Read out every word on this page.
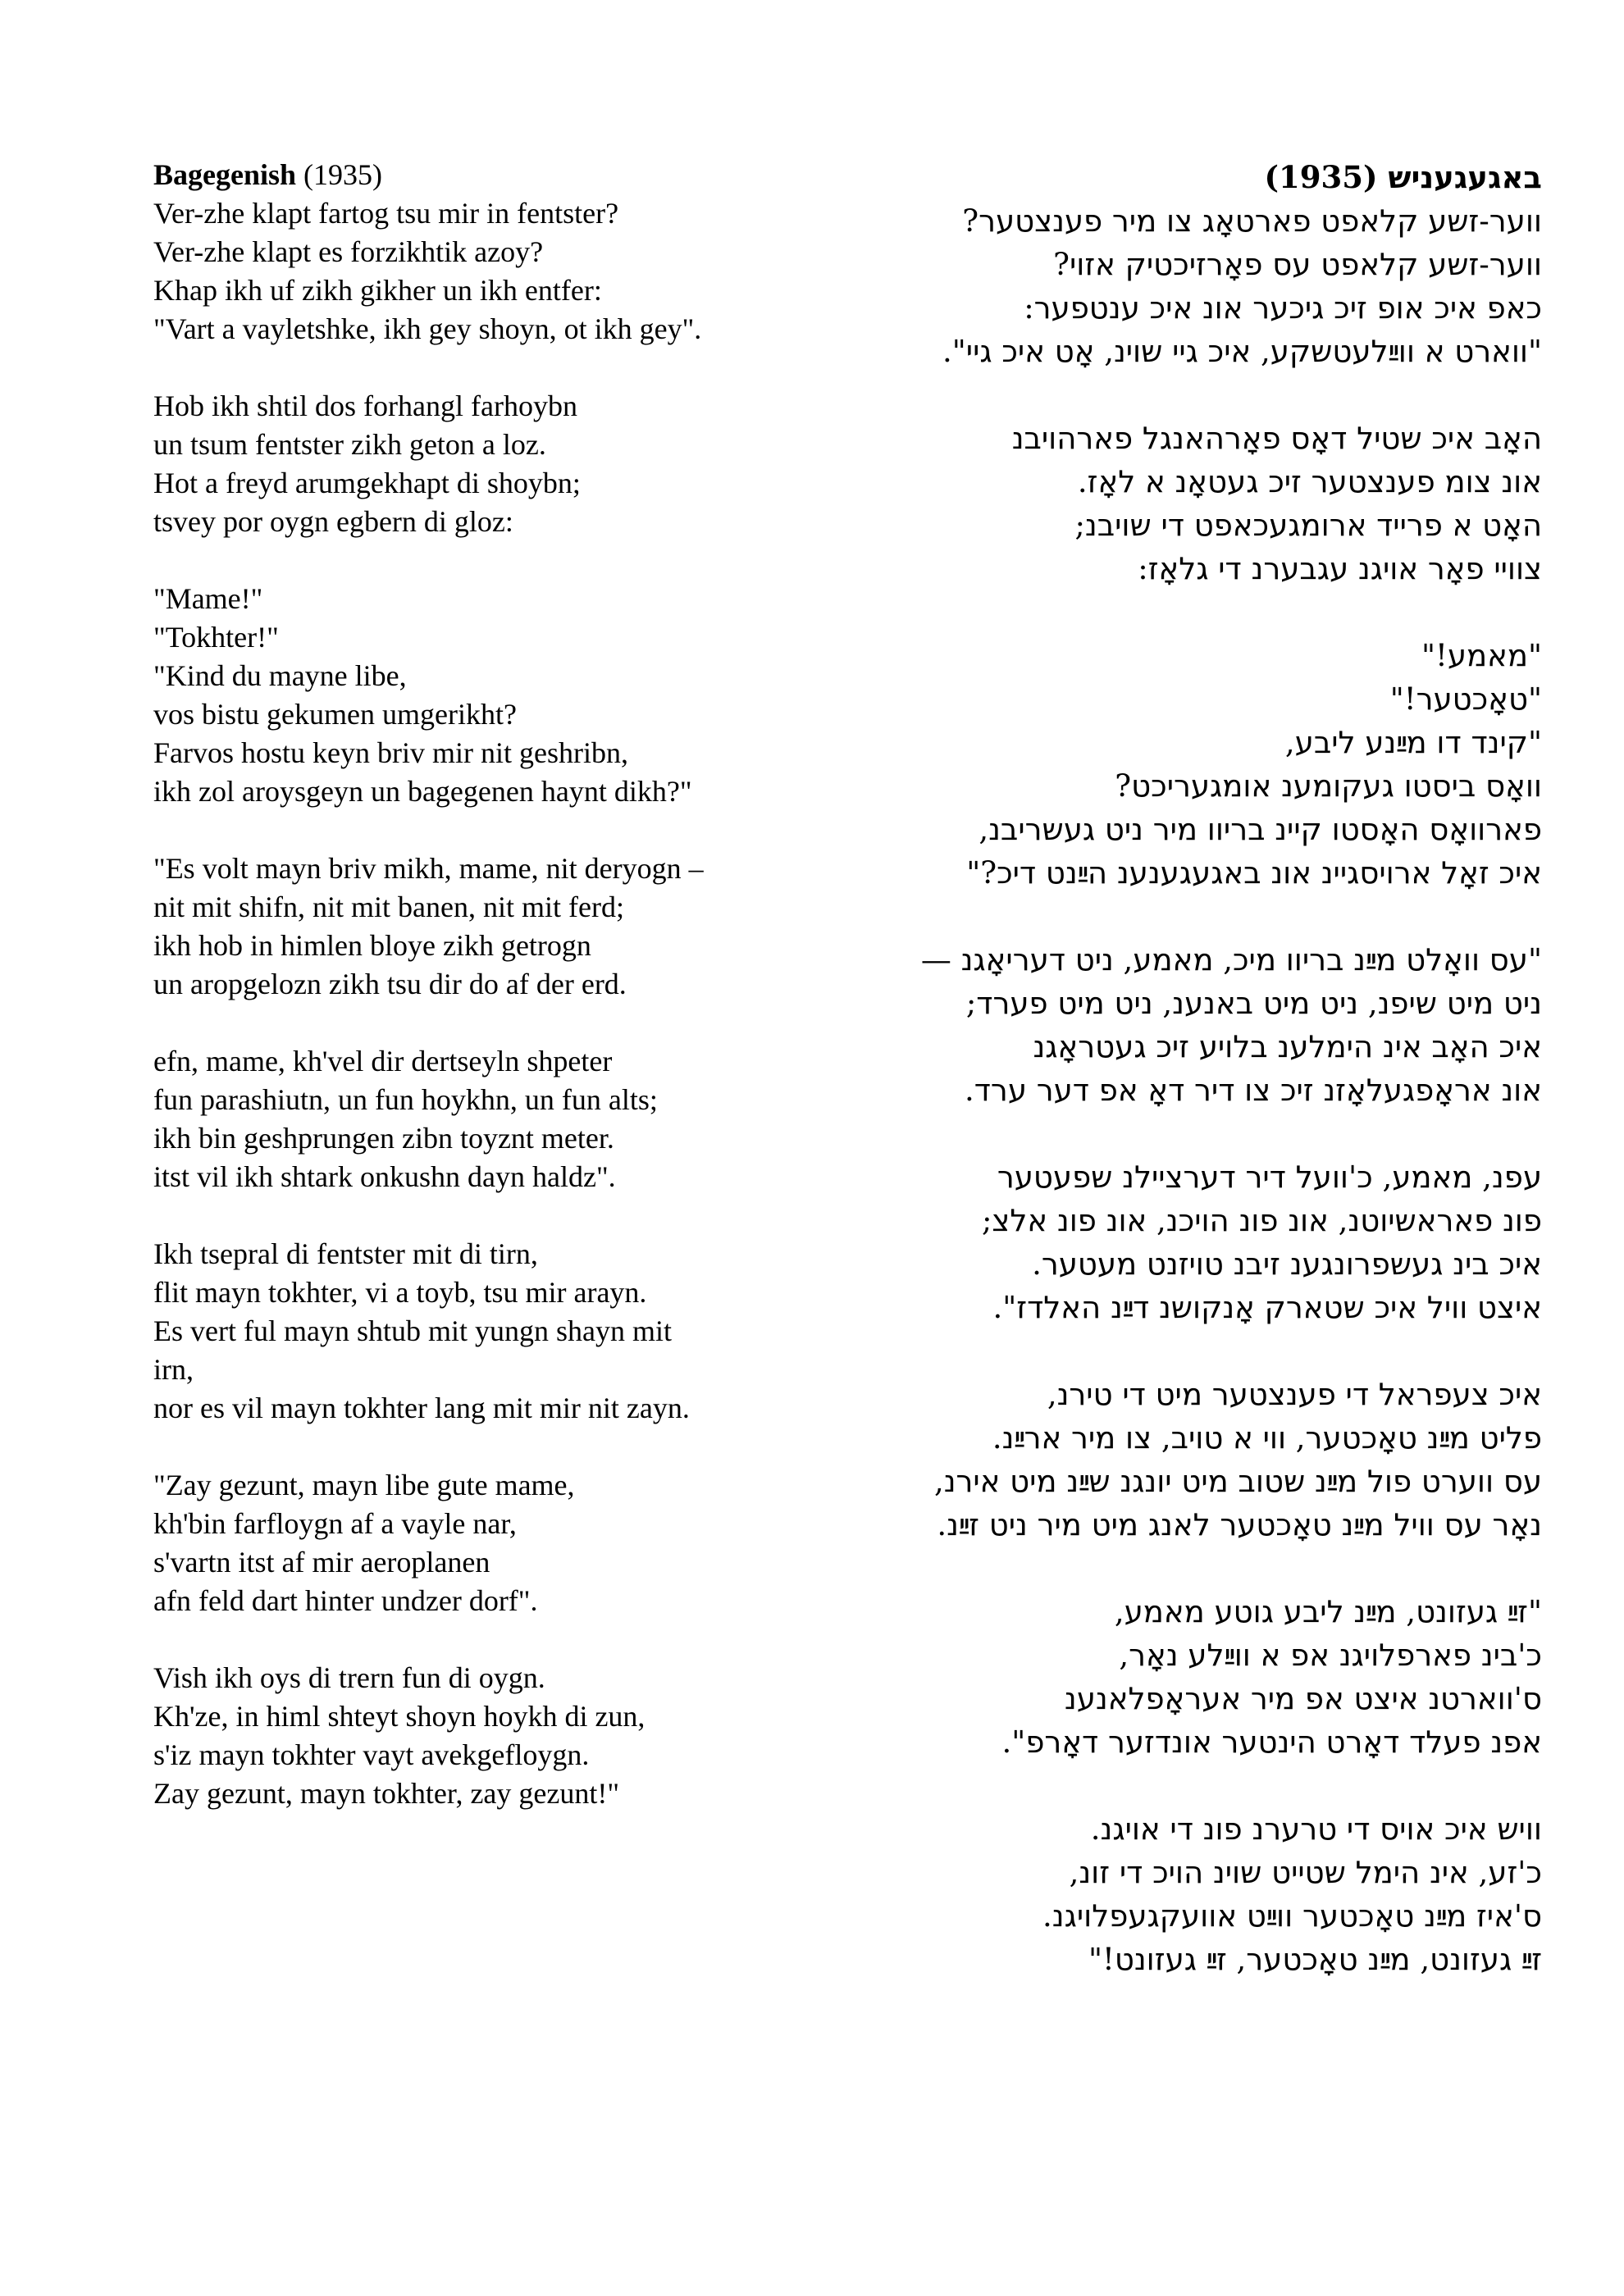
Bagegenish (1935)
Ver-zhe klapt fartog tsu mir in fentster?
Ver-zhe klapt es forzikhtik azoy?
Khap ikh uf zikh gikher un ikh entfer:
"Vart a vayletshke, ikh gey shoyn, ot ikh gey".
Hob ikh shtil dos forhangl farhoybn
un tsum fentster zikh geton a loz.
Hot a freyd arumgekhapt di shoybn;
tsvey por oygn egbern di gloz:
"Mame!"
"Tokhter!"
"Kind du mayne libe,
vos bistu gekumen umgerikht?
Farvos hostu keyn briv mir nit geshribn,
ikh zol aroysgeyn un bagegenen haynt dikh?"
"Es volt mayn briv mikh, mame, nit deryogn –
nit mit shifn, nit mit banen, nit mit ferd;
ikh hob in himlen bloye zikh getrogn
un aropgelozn zikh tsu dir do af der erd.
efn, mame, kh'vel dir dertseyln shpeter
fun parashiutn, un fun hoykhn, un fun alts;
ikh bin geshprungen zibn toyznt meter.
itst vil ikh shtark onkushn dayn haldz".
Ikh tsepral di fentster mit di tirn,
flit mayn tokhter, vi a toyb, tsu mir arayn.
Es vert ful mayn shtub mit yungn shayn mit
irn,
nor es vil mayn tokhter lang mit mir nit zayn.
"Zay gezunt, mayn libe gute mame,
kh'bin farfloygn af a vayle nar,
s'vartn itst af mir aeroplanen
afn feld dart hinter undzer dorf".
Vish ikh oys di trern fun di oygn.
Kh'ze, in himl shteyt shoyn hoykh di zun,
s'iz mayn tokhter vayt avekgefloygn.
Zay gezunt, mayn tokhter, zay gezunt!"
באגעגעניש (1935)
ווער-זשע קלאפט פארטאָג צו מיר פענצטער?
ווער-זשע קלאפט עס פאָרזיכטיק אזוי?
כאפ איכ אופ זיכ גיכער אונ איכ ענטפער:
"ווארט א ווײַלעטשקע, איכ גיי שוינ, אָט איכ גיי".
האָב איכ שטיל דאָס פאָרהאנגל פארהויבנ
אונ צומ פענצטער זיכ געטאָנ א לאָז.
האָט א פרייד ארומגעכאפט די שויבנ;
צוויי פאָר אויגנ עגבערנ די גלאָז:
"מאמע!"
"טאָכטער!"
"קינד דו מײַנע ליבע,
וואָס ביסטו געקומענ אומגעריכט?
פארוואָס האָסטו קיינ בריוו מיר ניט געשריבנ,
איכ זאָל ארויסגיינ אונ באגעגענענ הײַנט דיכ?"
"עס וואָלט מײַנ בריוו מיכ, מאמע, ניט דעריאָגנ —
ניט מיט שיפנ, ניט מיט באנענ, ניט מיט פערד;
איכ האָב אינ הימלענ בלויע זיכ געטראָגנ
אונ אראָפגעלאָזנ זיכ צו דיר דאָ אפ דער ערד.
עפנ, מאמע, כ'וועל דיר דערציילנ שפעטער
פונ פאראשיוטנ, אונ פונ הויכנ, אונ פונ אלצ;
איכ בינ געשפרונגענ זיבנ טויזנט מעטער.
איצט וויל איכ שטארק אָנקושנ דײַנ האלדז".
איכ צעפראל די פענצטער מיט די טירנ,
פליט מײַנ טאָכטער, ווי א טויב, צו מיר ארײַנ.
עס ווערט פול מײַנ שטוב מיט יונגנ שײַנ מיט אירנ,
נאָר עס וויל מײַנ טאָכטער לאנג מיט מיר ניט זײַנ.
"זײַ געזונט, מײַנ ליבע גוטע מאמע,
כ'בינ פארפלויגנ אפ א ווײַלע נאָר,
ס'ווארטנ איצט אפ מיר אעראָפלאנענ
אפנ פעלד דאָרט הינטער אונדזער דאָרפ".
וויש איכ אויס די טרערנ פונ די אויגנ.
כ'זע, אינ הימל שטייט שוינ הויכ די זונ,
ס'איז מײַנ טאָכטער ווײַט אוועקגעפלויגנ.
זײַ געזונט, מײַנ טאָכטער, זײַ געזונט!"
